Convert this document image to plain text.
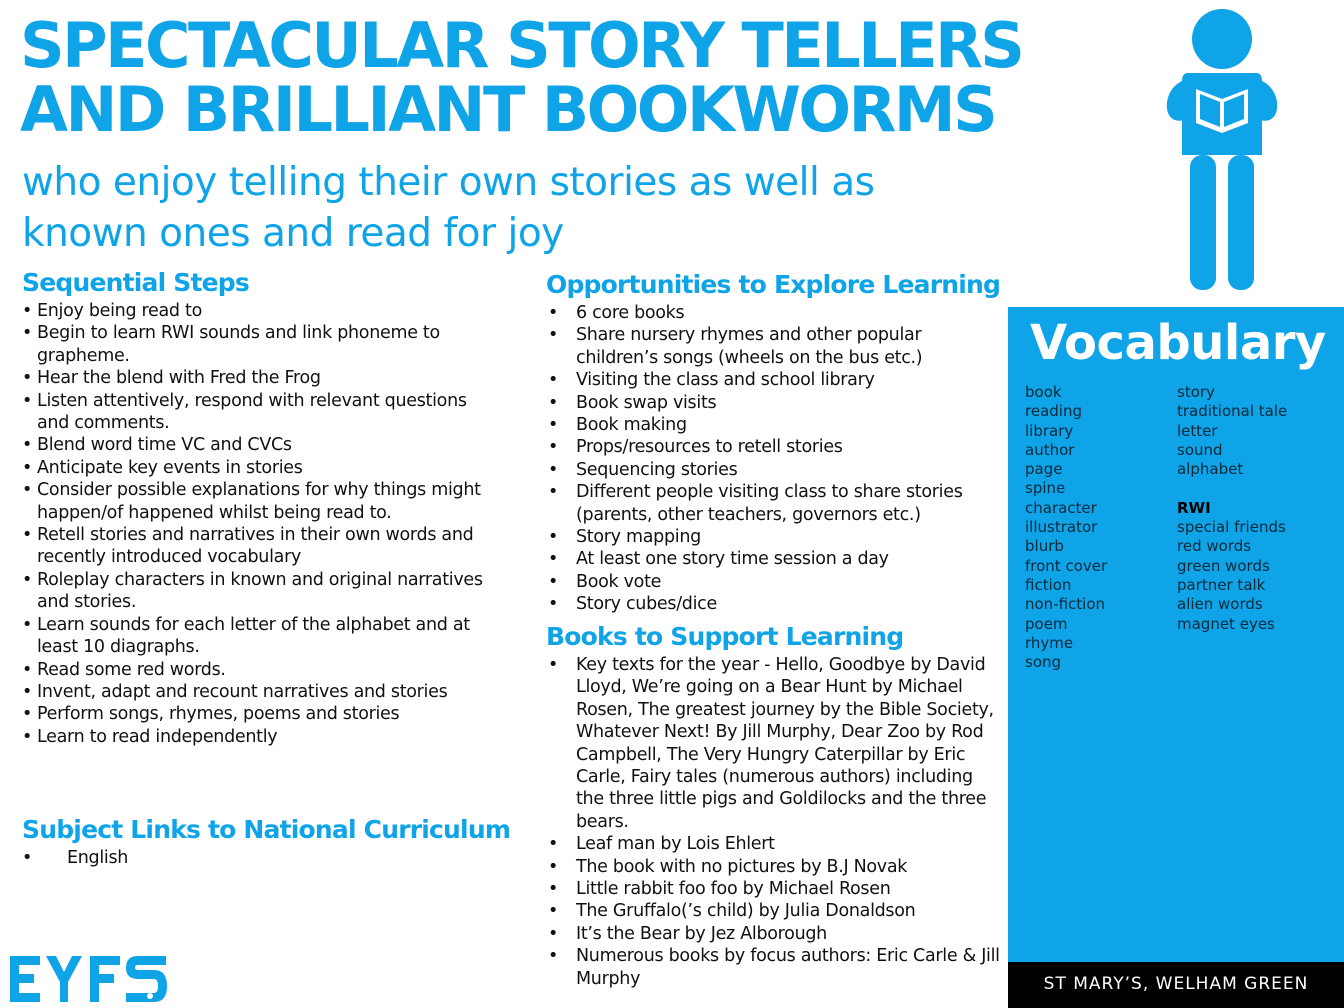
SPECTACULAR STORY TELLERS
AND BRILLIANT BOOKWORMS

who enjoy telling their own stories as well as
known ones and read for joy

Sequential Steps
• Enjoy being read to
• Begin to learn RWI sounds and link phoneme to grapheme.
• Hear the blend with Fred the Frog
• Listen attentively, respond with relevant questions and comments.
• Blend word time VC and CVCs
• Anticipate key events in stories
• Consider possible explanations for why things might happen/of happened whilst being read to.
• Retell stories and narratives in their own words and recently introduced vocabulary
• Roleplay characters in known and original narratives and stories.
• Learn sounds for each letter of the alphabet and at least 10 diagraphs.
• Read some red words.
• Invent, adapt and recount narratives and stories
• Perform songs, rhymes, poems and stories
• Learn to read independently
Subject Links to National Curriculum
• English
Opportunities to Explore Learning
• 6 core books
• Share nursery rhymes and other popular children’s songs (wheels on the bus etc.)
• Visiting the class and school library
• Book swap visits
• Book making
• Props/resources to retell stories
• Sequencing stories
• Different people visiting class to share stories (parents, other teachers, governors etc.)
• Story mapping
• At least one story time session a day
• Book vote
• Story cubes/dice
Books to Support Learning
• Key texts for the year - Hello, Goodbye by David Lloyd, We’re going on a Bear Hunt by Michael Rosen, The greatest journey by the Bible Society, Whatever Next! By Jill Murphy, Dear Zoo by Rod Campbell, The Very Hungry Caterpillar by Eric Carle, Fairy tales (numerous authors) including the three little pigs and Goldilocks and the three bears.
• Leaf man by Lois Ehlert
• The book with no pictures by B.J Novak
• Little rabbit foo foo by Michael Rosen
• The Gruffalo(’s child) by Julia Donaldson
• It’s the Bear by Jez Alborough
• Numerous books by focus authors: Eric Carle & Jill Murphy
Vocabulary
book
reading
library
author
page
spine
character
illustrator
blurb
front cover
fiction
non-fiction
poem
rhyme
song
story
traditional tale
letter
sound
alphabet
RWI
special friends
red words
green words
partner talk
alien words
magnet eyes
ST MARY’S, WELHAM GREEN
